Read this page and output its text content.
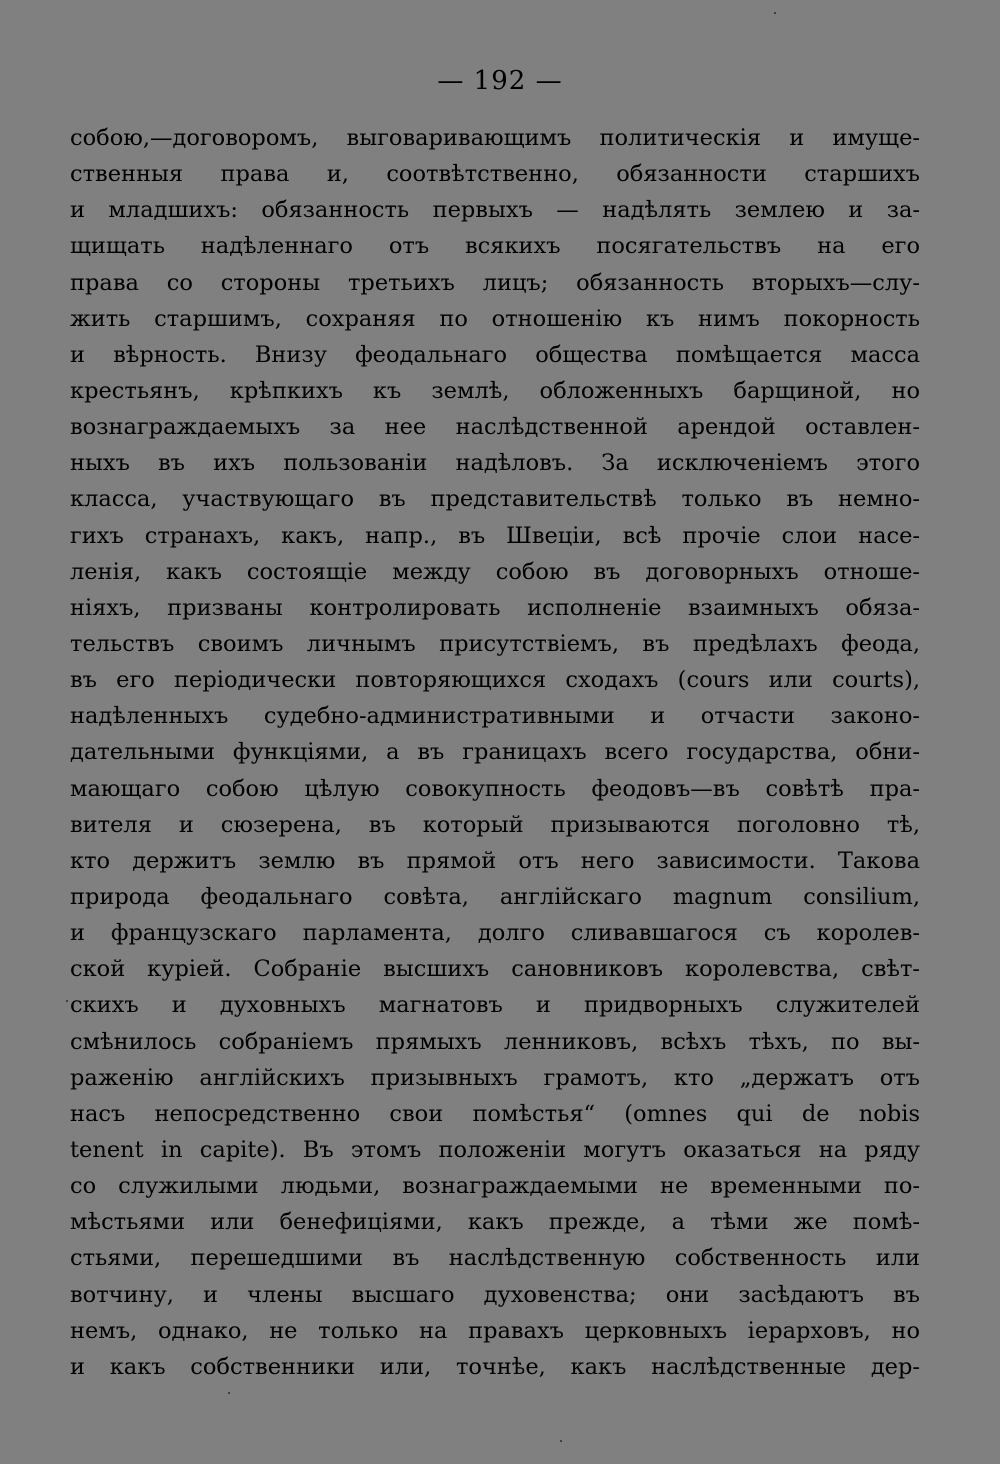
— 192 —
собою,—договоромъ, выговаривающимъ политическія и имуще-
ственныя права и, соотвѣтственно, обязанности старшихъ
и младшихъ: обязанность первыхъ — надѣлять землею и за-
щищать надѣленнаго отъ всякихъ посягательствъ на его
права со стороны третьихъ лицъ; обязанность вторыхъ—слу-
жить старшимъ, сохраняя по отношенію къ нимъ покорность
и вѣрность. Внизу феодальнаго общества помѣщается масса
крестьянъ, крѣпкихъ къ землѣ, обложенныхъ барщиной, но
вознаграждаемыхъ за нее наслѣдственной арендой оставлен-
ныхъ въ ихъ пользованіи надѣловъ. За исключеніемъ этого
класса, участвующаго въ представительствѣ только въ немно-
гихъ странахъ, какъ, напр., въ Швеціи, всѣ прочіе слои насе-
ленія, какъ состоящіе между собою въ договорныхъ отноше-
ніяхъ, призваны контролировать исполненіе взаимныхъ обяза-
тельствъ своимъ личнымъ присутствіемъ, въ предѣлахъ феода,
въ его періодически повторяющихся сходахъ (cours или courts),
надѣленныхъ судебно-административными и отчасти законо-
дательными функціями, а въ границахъ всего государства, обни-
мающаго собою цѣлую совокупность феодовъ—въ совѣтѣ пра-
вителя и сюзерена, въ который призываются поголовно тѣ,
кто держитъ землю въ прямой отъ него зависимости. Такова
природа феодальнаго совѣта, англійскаго magnum consilium,
и французскаго парламента, долго сливавшагося съ королев-
ской куріей. Собраніе высшихъ сановниковъ королевства, свѣт-
скихъ и духовныхъ магнатовъ и придворныхъ служителей
смѣнилось собраніемъ прямыхъ ленниковъ, всѣхъ тѣхъ, по вы-
раженію англійскихъ призывныхъ грамотъ, кто „держатъ отъ
насъ непосредственно свои помѣстья“ (omnes qui de nobis
tenent in capite). Въ этомъ положеніи могутъ оказаться на ряду
со служилыми людьми, вознаграждаемыми не временными по-
мѣстьями или бенефиціями, какъ прежде, а тѣми же помѣ-
стьями, перешедшими въ наслѣдственную собственность или
вотчину, и члены высшаго духовенства; они засѣдаютъ въ
немъ, однако, не только на правахъ церковныхъ іерарховъ, но
и какъ собственники или, точнѣе, какъ наслѣдственные дер-
